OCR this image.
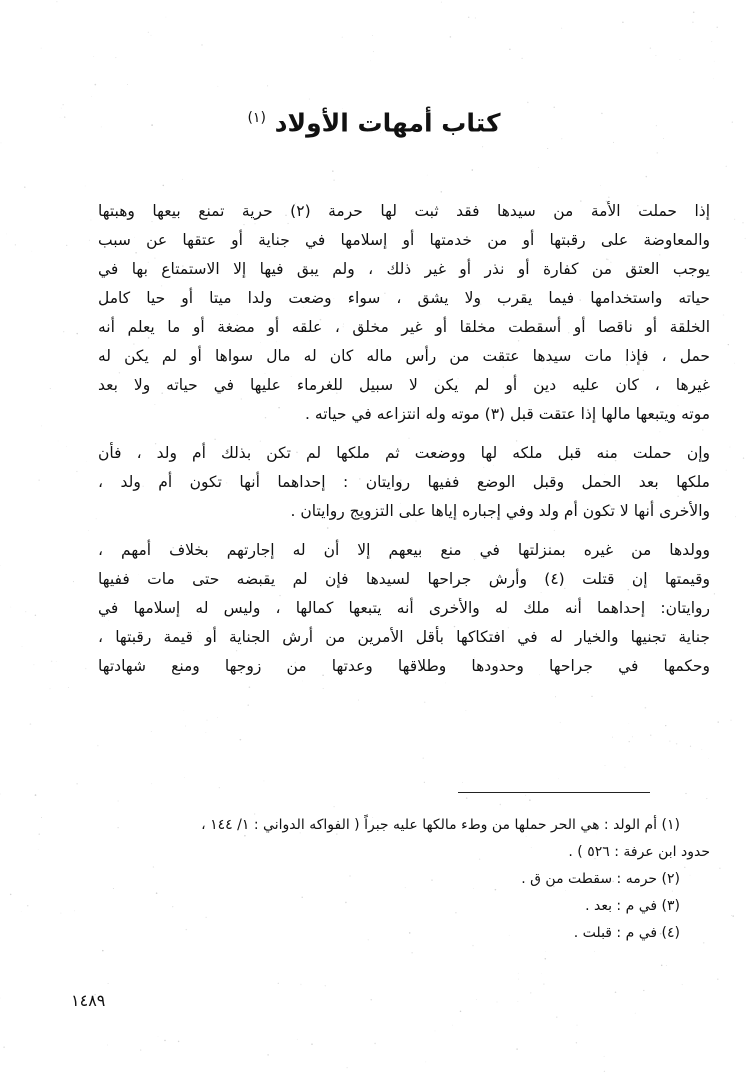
كتاب أمهات الأولاد $^{(١)}$
إذا حملت الأمة من سيدها فقد ثبت لها حرمة (٢) حرية تمنع بيعها وهبتها
والمعاوضة على رقبتها أو من خدمتها أو إسلامها في جناية أو عتقها عن سبب
يوجب العتق من كفارة أو نذر أو غير ذلك ، ولم يبق فيها إلا الاستمتاع بها في
حياته واستخدامها فيما يقرب ولا يشق ، سواء وضعت ولدا ميتا أو حيا كامل
الخلقة أو ناقصا أو أسقطت مخلقا أو غير مخلق ، علقه أو مضغة أو ما يعلم أنه
حمل ، فإذا مات سيدها عتقت من رأس ماله كان له مال سواها أو لم يكن له
غيرها ، كان عليه دين أو لم يكن لا سبيل للغرماء عليها في حياته ولا بعد
موته ويتبعها مالها إذا عتقت قبل (٣) موته وله انتزاعه في حياته .
وإن حملت منه قبل ملكه لها ووضعت ثم ملكها لم تكن بذلك أم ولد ، فأن
ملكها بعد الحمل وقبل الوضع ففيها روايتان : إحداهما أنها تكون أم ولد ،
والأخرى أنها لا تكون أم ولد وفي إجباره إياها على التزويج روايتان .
وولدها من غيره بمنزلتها في منع بيعهم إلا أن له إجارتهم بخلاف أمهم ،
وقيمتها إن قتلت (٤) وأرش جراحها لسيدها فإن لم يقبضه حتى مات ففيها
روايتان: إحداهما أنه ملك له والأخرى أنه يتبعها كمالها ، وليس له إسلامها في
جناية تجنيها والخيار له في افتكاكها بأقل الأمرين من أرش الجناية أو قيمة رقبتها ،
وحكمها في جراحها وحدودها وطلاقها وعدتها من زوجها ومنع شهادتها
(١) أم الولد : هي الحر حملها من وطء مالكها عليه جبراً ( الفواكه الدواني : ١/ ١٤٤ ،
حدود ابن عرفة : ٥٢٦ ) .
(٢) حرمه : سقطت من ق .
(٣) في م : بعد .
(٤) في م : قبلت .
١٤٨٩
